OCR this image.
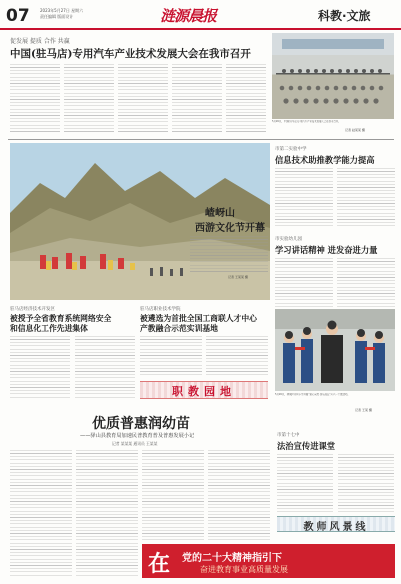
07	2023年5月27日 星期六
责任编辑 版面设计	涟源晨报	科教·文旅
促发展 提质 合作 共赢
中国(驻马店)专用汽车产业技术发展大会在我市召开
5月26日，中国(驻马店)专用汽车产业技术发展大会在我市召开。
记者 赵某某 摄
嵖岈山
西游文化节开幕
记者 王某某 摄
市第二实验中学
信息技术助推教学能力提高
市实验幼儿园
学习讲话精神 进发奋进力量
驻马店经济技术开发区
被授予全省教育系统网络安全
和信息化工作先进集体
驻马店职业技术学院
被遴选为首批全国工商联人才中心
产教融合示范实训基地
职教园地	5月26日，驿城区实验小学开展“童心向党 快乐成长”庆六一主题活动。
记者 王某 摄
优质普惠润幼苗
——驿山县教育局加速民普教育普及普惠发展小记
记者 某某某 通讯员 王某某
市第十七中
法治宣传进课堂
教师风景线
在 党的二十大精神指引下
奋进教育事业高质量发展
